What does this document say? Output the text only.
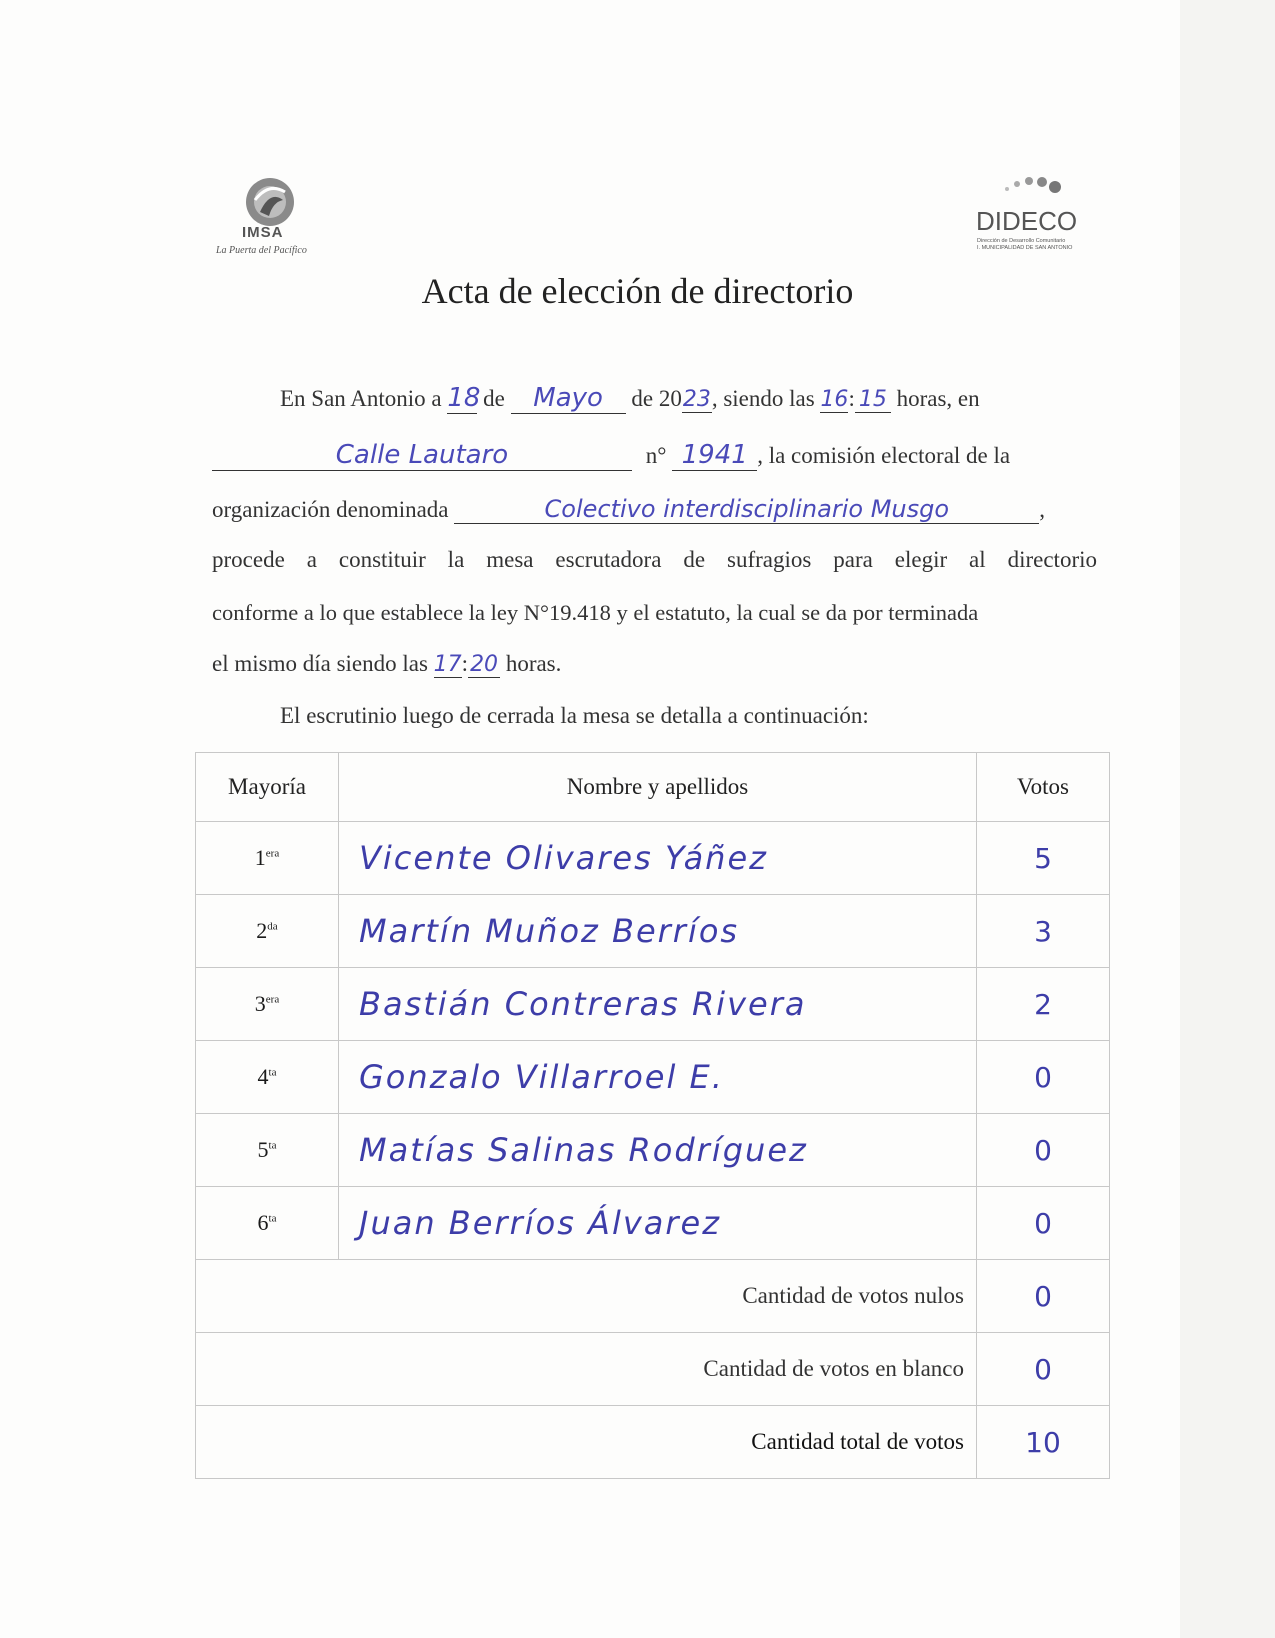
IMSA
La Puerta del Pacífico
DIDECO
Dirección de Desarrollo Comunitario
I. MUNICIPALIDAD DE SAN ANTONIO
Acta de elección de directorio
En San Antonio a 18 de Mayo de 2023, siendo las 16: 15 horas, en
Calle Lautaro	n° 1941 , la comisión electoral de la
organización denominada	Colectivo interdisciplinario Musgo	,
procede a constituir la mesa escrutadora de sufragios para elegir al directorio
conforme a lo que establece la ley N°19.418 y el estatuto, la cual se da por terminada
el mismo día siendo las 17:20 horas.
El escrutinio luego de cerrada la mesa se detalla a continuación:
Mayoría	Nombre y apellidos	Votos
$1^{era}$	Vicente Olivares Yáñez	5
$2^{da}$	Martín Muñoz Berríos	3
$3^{era}$	Bastián Contreras Rivera	2
$4^{ta}$	Gonzalo Villarroel E.	0
$5^{ta}$	Matías Salinas Rodríguez	0
$6^{ta}$	Juan Berríos Álvarez	0
Cantidad de votos nulos		0
Cantidad de votos en blanco		0
Cantidad total de votos		10
